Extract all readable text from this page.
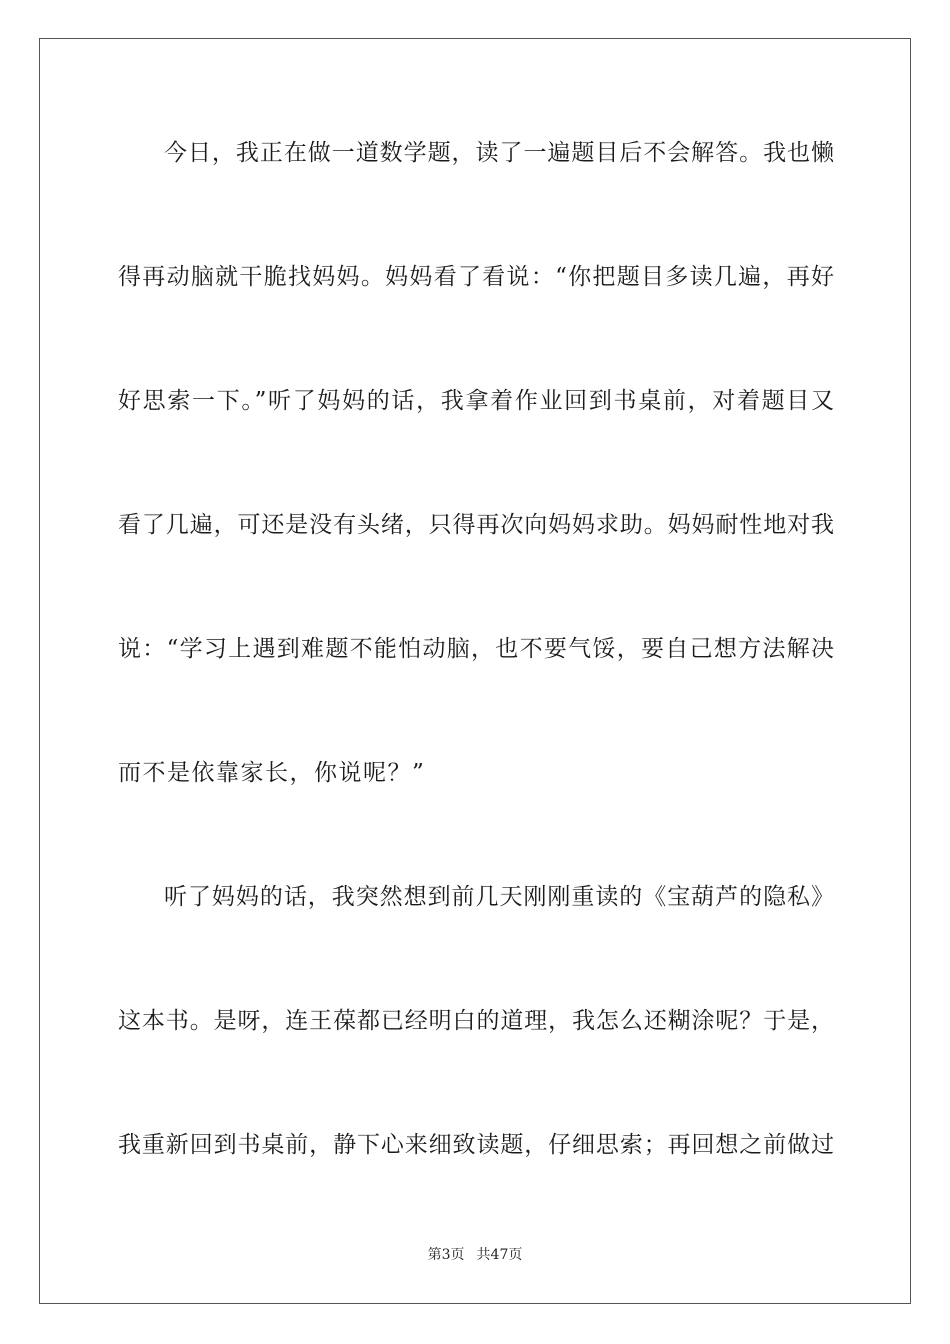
今日，我正在做一道数学题，读了一遍题目后不会解答。我也懒
得再动脑就干脆找妈妈。妈妈看了看说：“你把题目多读几遍，再好
好思索一下。”听了妈妈的话，我拿着作业回到书桌前，对着题目又
看了几遍，可还是没有头绪，只得再次向妈妈求助。妈妈耐性地对我
说：“学习上遇到难题不能怕动脑，也不要气馁，要自己想方法解决
而不是依靠家长，你说呢？”
听了妈妈的话，我突然想到前几天刚刚重读的《宝葫芦的隐私》
这本书。是呀，连王葆都已经明白的道理，我怎么还糊涂呢？于是，
我重新回到书桌前，静下心来细致读题，仔细思索；再回想之前做过
第3页 共47页
